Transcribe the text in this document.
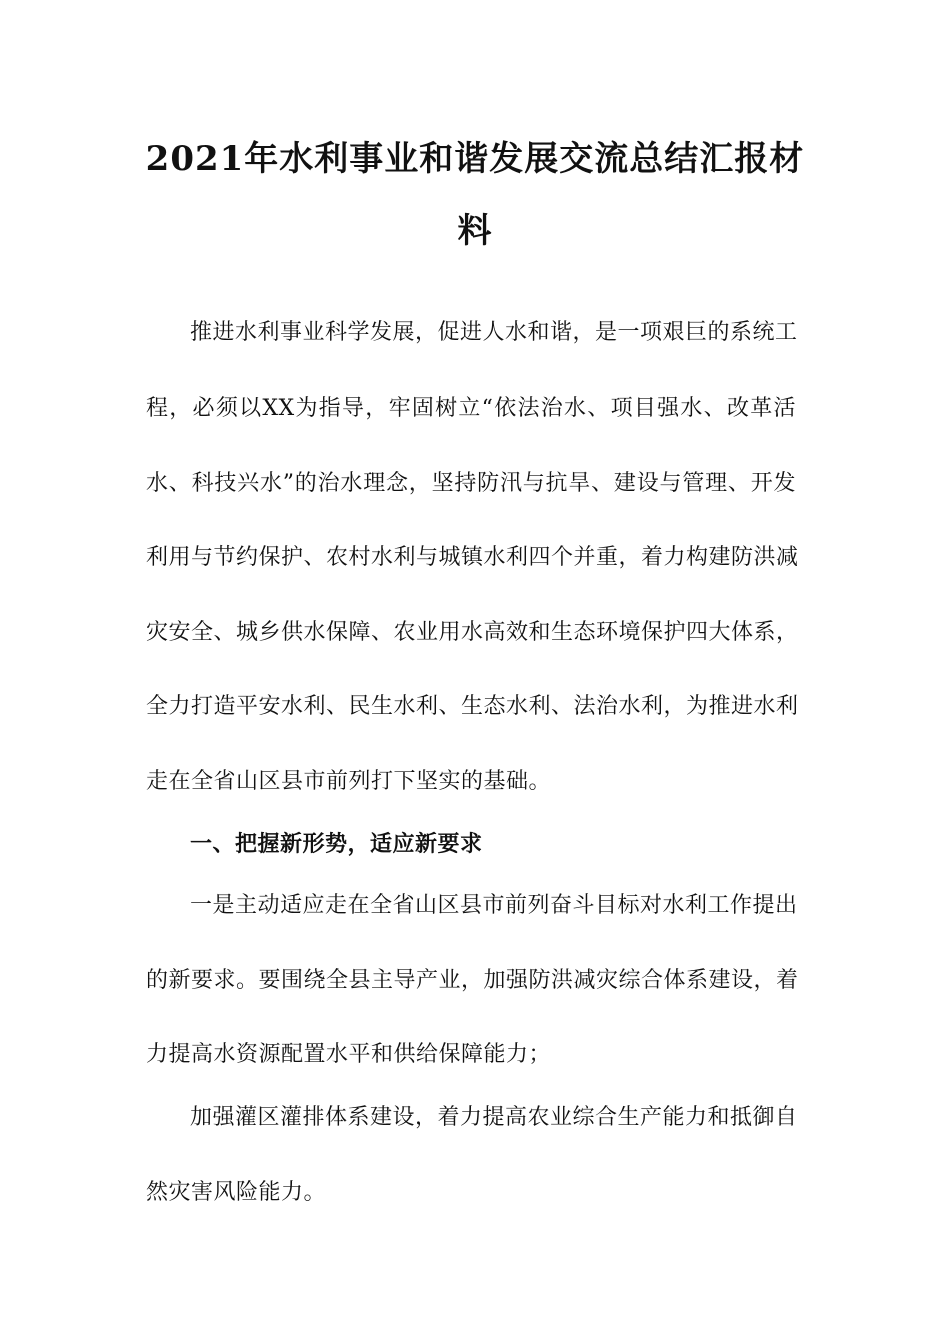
2021年水利事业和谐发展交流总结汇报材
料

推进水利事业科学发展，促进人水和谐，是一项艰巨的系统工

程，必须以XX为指导，牢固树立“依法治水、项目强水、改革活

水、科技兴水”的治水理念，坚持防汛与抗旱、建设与管理、开发

利用与节约保护、农村水利与城镇水利四个并重，着力构建防洪减

灾安全、城乡供水保障、农业用水高效和生态环境保护四大体系，

全力打造平安水利、民生水利、生态水利、法治水利，为推进水利

走在全省山区县市前列打下坚实的基础。

一、把握新形势，适应新要求

一是主动适应走在全省山区县市前列奋斗目标对水利工作提出

的新要求。要围绕全县主导产业，加强防洪减灾综合体系建设，着

力提高水资源配置水平和供给保障能力；

加强灌区灌排体系建设，着力提高农业综合生产能力和抵御自

然灾害风险能力。
